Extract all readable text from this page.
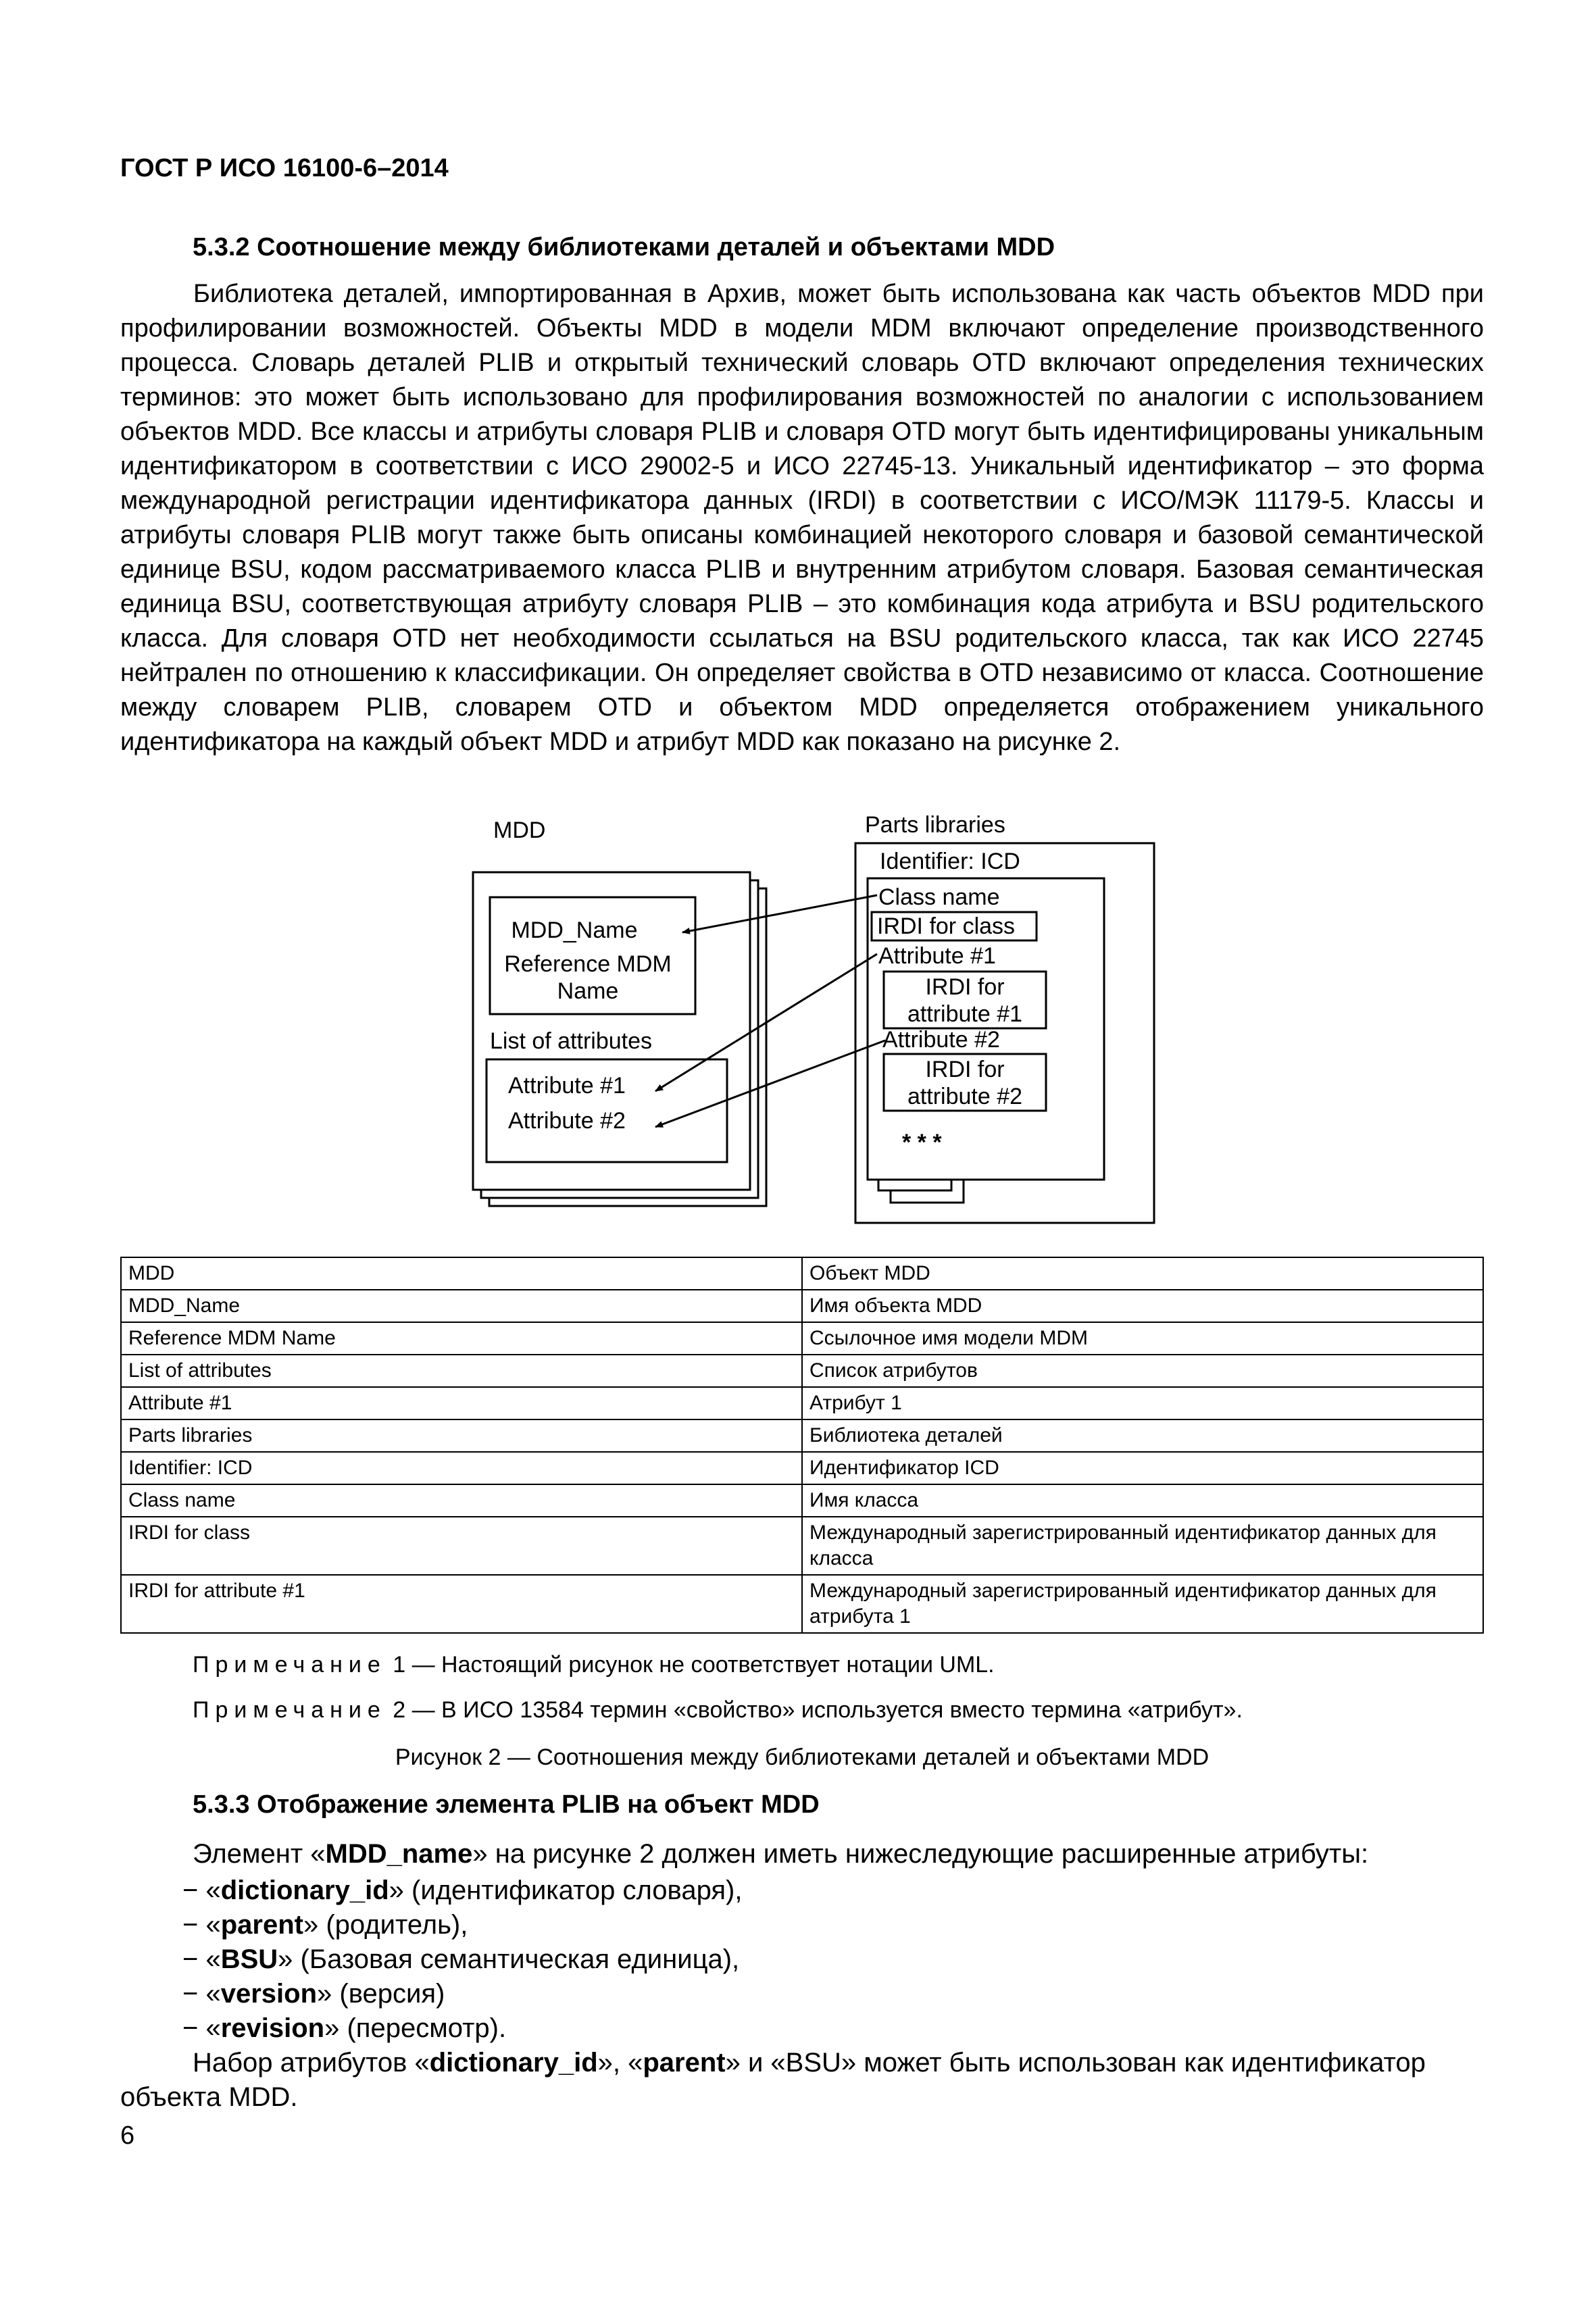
ГОСТ Р ИСО 16100-6–2014

5.3.2 Соотношение между библиотеками деталей и объектами MDD

Библиотека деталей, импортированная в Архив, может быть использована как часть объектов MDD при профилировании возможностей. Объекты MDD в модели MDM включают определение производственного процесса. Словарь деталей PLIB и открытый технический словарь OTD включают определения технических терминов: это может быть использовано для профилирования возможностей по аналогии с использованием объектов MDD. Все классы и атрибуты словаря PLIB и словаря OTD могут быть идентифицированы уникальным идентификатором в соответствии с ИСО 29002-5 и ИСО 22745-13. Уникальный идентификатор – это форма международной регистрации идентификатора данных (IRDI) в соответствии с ИСО/МЭК 11179-5. Классы и атрибуты словаря PLIB могут также быть описаны комбинацией некоторого словаря и базовой семантической единице BSU, кодом рассматриваемого класса PLIB и внутренним атрибутом словаря. Базовая семантическая единица BSU, соответствующая атрибуту словаря PLIB – это комбинация кода атрибута и BSU родительского класса. Для словаря OTD нет необходимости ссылаться на BSU родительского класса, так как ИСО 22745 нейтрален по отношению к классификации. Он определяет свойства в OTD независимо от класса. Соотношение между словарем PLIB, словарем OTD и объектом MDD определяется отображением уникального идентификатора на каждый объект MDD и атрибут MDD как показано на рисунке 2.

MDD
MDD_Name
Reference MDM
Name
List of attributes
Attribute #1
Attribute #2
Parts libraries
Identifier: ICD
Class name
IRDI for class
Attribute #1
IRDI for
attribute #1
Attribute #2
IRDI for
attribute #2
* * *
MDD	Объект MDD
MDD_Name	Имя объекта MDD
Reference MDM Name	Ссылочное имя модели MDM
List of attributes	Список атрибутов
Attribute #1	Атрибут 1
Parts libraries	Библиотека деталей
Identifier: ICD	Идентификатор ICD
Class name	Имя класса
IRDI for class	Международный зарегистрированный идентификатор данных для класса
IRDI for attribute #1	Международный зарегистрированный идентификатор данных для атрибута 1

Примечание 1 — Настоящий рисунок не соответствует нотации UML.

Примечание 2 — В ИСО 13584 термин «свойство» используется вместо термина «атрибут».

Рисунок 2 — Соотношения между библиотеками деталей и объектами MDD

5.3.3 Отображение элемента PLIB на объект MDD

Элемент «MDD_name» на рисунке 2 должен иметь нижеследующие расширенные атрибуты:

− «dictionary_id» (идентификатор словаря),
− «parent» (родитель),
− «BSU» (Базовая семантическая единица),
− «version» (версия)
− «revision» (пересмотр).

Набор атрибутов «dictionary_id», «parent» и «BSU» может быть использован как идентификатор объекта MDD.

6
